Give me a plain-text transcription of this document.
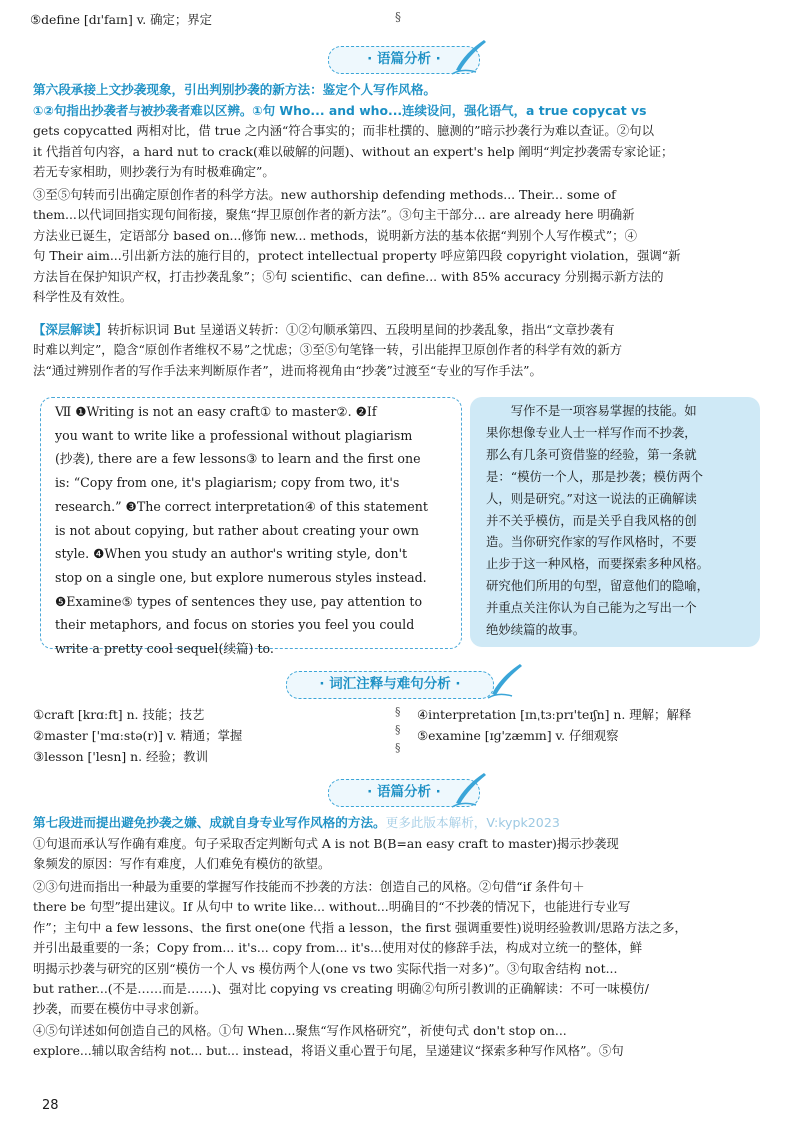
⑤define [dɪ'faɪn] v. 确定；界定	§
· 语篇分析 ·
第六段承接上文抄袭现象，引出判别抄袭的新方法：鉴定个人写作风格。
①②句指出抄袭者与被抄袭者难以区辨。①句 Who... and who...连续设问，强化语气，a true copycat vs
gets copycatted 两相对比，借 true 之内涵“符合事实的；而非杜撰的、臆测的”暗示抄袭行为难以查证。②句以
it 代指首句内容，a hard nut to crack(难以破解的问题)、without an expert's help 阐明“判定抄袭需专家论证；
若无专家相助，则抄袭行为有时极难确定”。
③至⑤句转而引出确定原创作者的科学方法。new authorship defending methods... Their... some of
them...以代词回指实现句间衔接，聚焦“捍卫原创作者的新方法”。③句主干部分... are already here 明确新
方法业已诞生，定语部分 based on...修饰 new... methods，说明新方法的基本依据“判别个人写作模式”；④
句 Their aim...引出新方法的施行目的，protect intellectual property 呼应第四段 copyright violation，强调“新
方法旨在保护知识产权，打击抄袭乱象”；⑤句 scientific、can define... with 85% accuracy 分别揭示新方法的
科学性及有效性。
【深层解读】转折标识词 But 呈递语义转折：①②句顺承第四、五段明星间的抄袭乱象，指出“文章抄袭有
时难以判定”，隐含“原创作者维权不易”之忧虑；③至⑤句笔锋一转，引出能捍卫原创作者的科学有效的新方
法“通过辨别作者的写作手法来判断原作者”，进而将视角由“抄袭”过渡至“专业的写作手法”。
Ⅶ ❶Writing is not an easy craft① to master②. ❷If
you want to write like a professional without plagiarism
(抄袭), there are a few lessons③ to learn and the first one
is: “Copy from one, it's plagiarism; copy from two, it's
research.” ❸The correct interpretation④ of this statement
is not about copying, but rather about creating your own
style. ❹When you study an author's writing style, don't
stop on a single one, but explore numerous styles instead.
❺Examine⑤ types of sentences they use, pay attention to
their metaphors, and focus on stories you feel you could
write a pretty cool sequel(续篇) to.
　　写作不是一项容易掌握的技能。如
果你想像专业人士一样写作而不抄袭，
那么有几条可资借鉴的经验，第一条就
是：“模仿一个人，那是抄袭；模仿两个
人，则是研究。”对这一说法的正确解读
并不关乎模仿，而是关乎自我风格的创
造。当你研究作家的写作风格时，不要
止步于这一种风格，而要探索多种风格。
研究他们所用的句型，留意他们的隐喻，
并重点关注你认为自己能为之写出一个
绝妙续篇的故事。
· 词汇注释与难句分析 ·
①craft [krɑːft] n. 技能；技艺
②master ['mɑːstə(r)] v. 精通；掌握
③lesson ['lesn] n. 经验；教训
④interpretation [ɪnˌtɜːprɪ'teɪʃn] n. 理解；解释
⑤examine [ɪɡ'zæmɪn] v. 仔细观察
§
§
§
· 语篇分析 ·
第七段进而提出避免抄袭之嫌、成就自身专业写作风格的方法。更多此版本解析，V:kypk2023
①句退而承认写作确有难度。句子采取否定判断句式 A is not B(B=an easy craft to master)揭示抄袭现
象频发的原因：写作有难度，人们难免有模仿的欲望。
②③句进而指出一种最为重要的掌握写作技能而不抄袭的方法：创造自己的风格。②句借“if 条件句＋
there be 句型”提出建议。If 从句中 to write like... without...明确目的“不抄袭的情况下，也能进行专业写
作”；主句中 a few lessons、the first one(one 代指 a lesson，the first 强调重要性)说明经验教训/思路方法之多，
并引出最重要的一条；Copy from... it's... copy from... it's...使用对仗的修辞手法，构成对立统一的整体，鲜
明揭示抄袭与研究的区别“模仿一个人 vs 模仿两个人(one vs two 实际代指一对多)”。③句取舍结构 not...
but rather...(不是……而是……)、强对比 copying vs creating 明确②句所引教训的正确解读：不可一味模仿/
抄袭，而要在模仿中寻求创新。
④⑤句详述如何创造自己的风格。①句 When...聚焦“写作风格研究”，祈使句式 don't stop on...
explore...辅以取舍结构 not... but... instead，将语义重心置于句尾，呈递建议“探索多种写作风格”。⑤句
28
